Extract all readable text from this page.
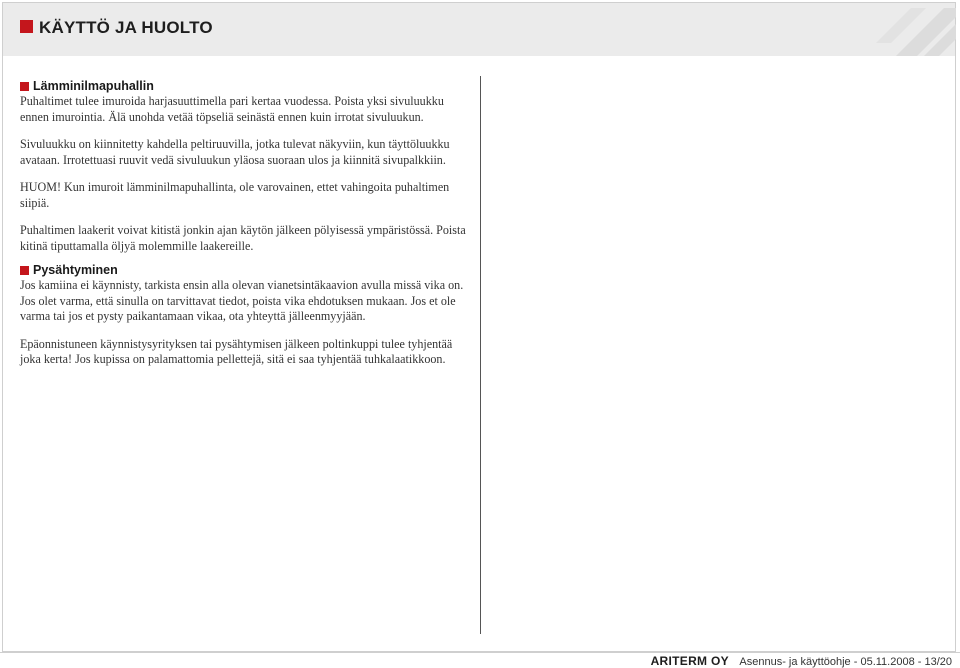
KÄYTTÖ JA HUOLTO
Lämminilmapuhallin

Puhaltimet tulee imuroida harjasuuttimella pari kertaa vuodessa. Poista yksi sivuluukku ennen imurointia. Älä unohda vetää töpseliä seinästä ennen kuin irrotat sivuluukun.

Sivuluukku on kiinnitetty kahdella peltiruuvilla, jotka tulevat näkyviin, kun täyttöluukku avataan. Irrotettuasi ruuvit vedä sivuluukun yläosa suoraan ulos ja kiinnitä sivupalkkiin.

HUOM! Kun imuroit lämminilmapuhallinta, ole varovainen, ettet vahingoita puhaltimen siipiä.

Puhaltimen laakerit voivat kitistä jonkin ajan käytön jälkeen pölyisessä ympäristössä. Poista kitinä tiputtamalla öljyä molemmille laakereille.

Pysähtyminen

Jos kamiina ei käynnisty, tarkista ensin alla olevan vianetsintäkaavion avulla missä vika on. Jos olet varma, että sinulla on tarvittavat tiedot, poista vika ehdotuksen mukaan. Jos et ole varma tai jos et pysty paikantamaan vikaa, ota yhteyttä jälleenmyyjään.

Epäonnistuneen käynnistysyrityksen tai pysähtymisen jälkeen poltinkuppi tulee tyhjentää joka kerta! Jos kupissa on palamattomia pellettejä, sitä ei saa tyhjentää tuhkalaatikkoon.

ARITERM OY Asennus- ja käyttöohje - 05.11.2008 - 13/20
